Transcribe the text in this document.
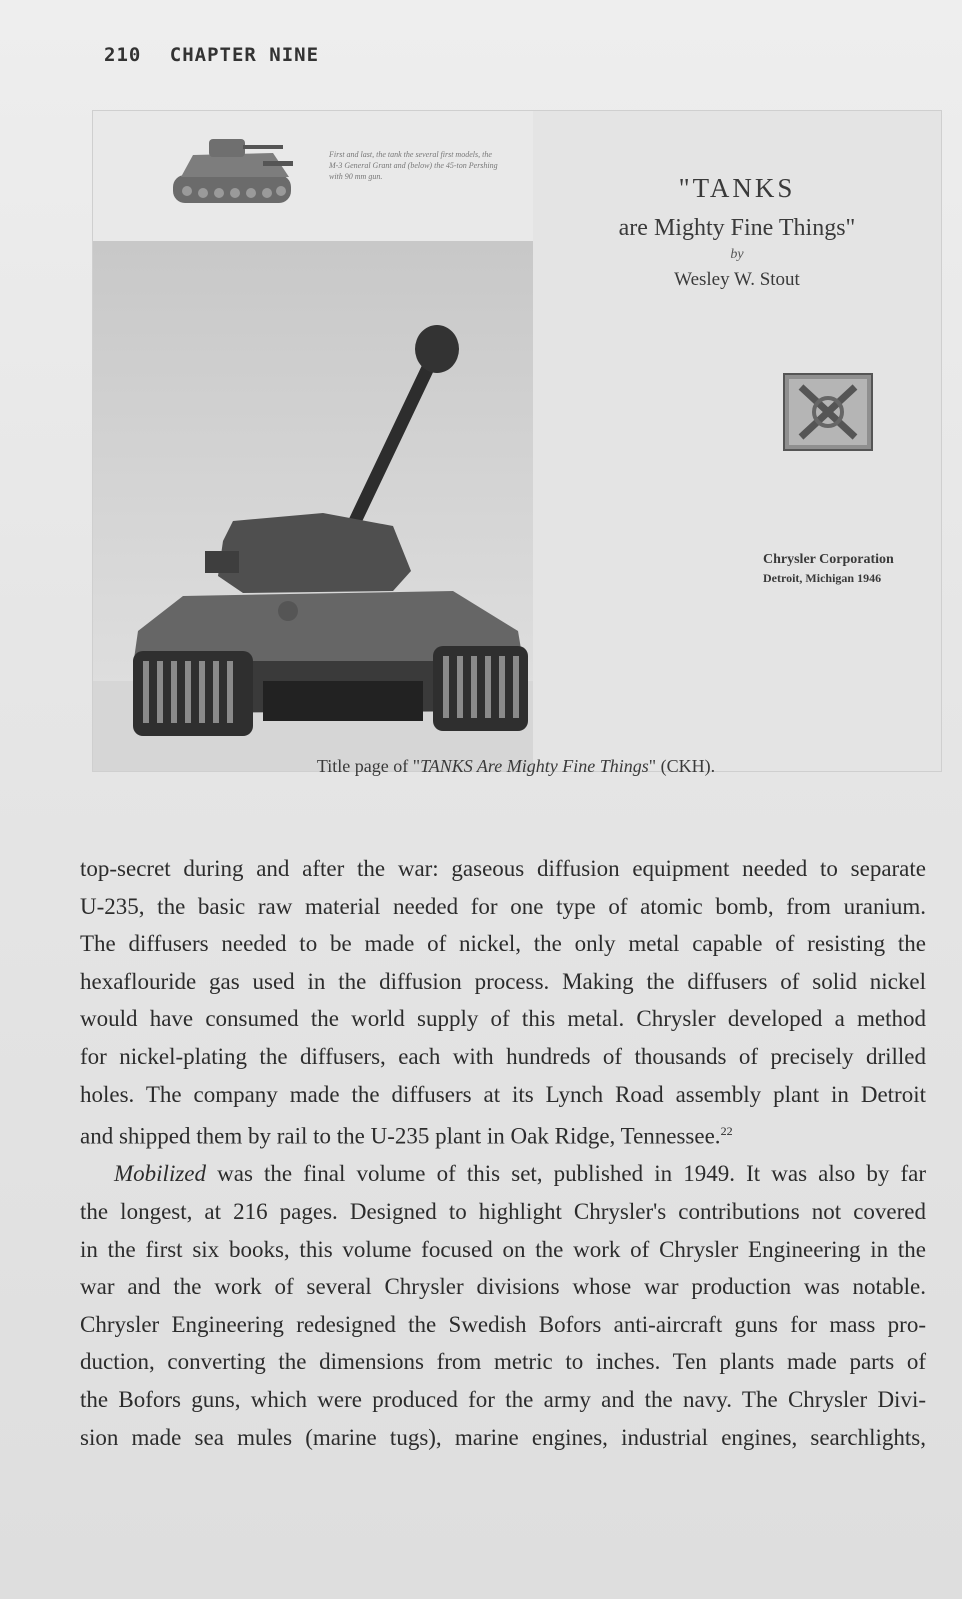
210 CHAPTER NINE
First and last, the tank the several first models, the M-3 General Grant and (below) the 45-ton Pershing with 90 mm gun.	"TANKS
are Mighty Fine Things"
by
Wesley W. Stout
Chrysler Corporation
Detroit, Michigan 1946
Title page of "TANKS Are Mighty Fine Things" (CKH).

top-secret during and after the war: gaseous diffusion equipment needed to separate

U-235, the basic raw material needed for one type of atomic bomb, from uranium.

The diffusers needed to be made of nickel, the only metal capable of resisting the

hexaflouride gas used in the diffusion process. Making the diffusers of solid nickel

would have consumed the world supply of this metal. Chrysler developed a method

for nickel-plating the diffusers, each with hundreds of thousands of precisely drilled

holes. The company made the diffusers at its Lynch Road assembly plant in Detroit

and shipped them by rail to the U-235 plant in Oak Ridge, Tennessee.$^{22}$

Mobilized was the final volume of this set, published in 1949. It was also by far

the longest, at 216 pages. Designed to highlight Chrysler's contributions not covered

in the first six books, this volume focused on the work of Chrysler Engineering in the

war and the work of several Chrysler divisions whose war production was notable.

Chrysler Engineering redesigned the Swedish Bofors anti-aircraft guns for mass pro-

duction, converting the dimensions from metric to inches. Ten plants made parts of

the Bofors guns, which were produced for the army and the navy. The Chrysler Divi-

sion made sea mules (marine tugs), marine engines, industrial engines, searchlights,
